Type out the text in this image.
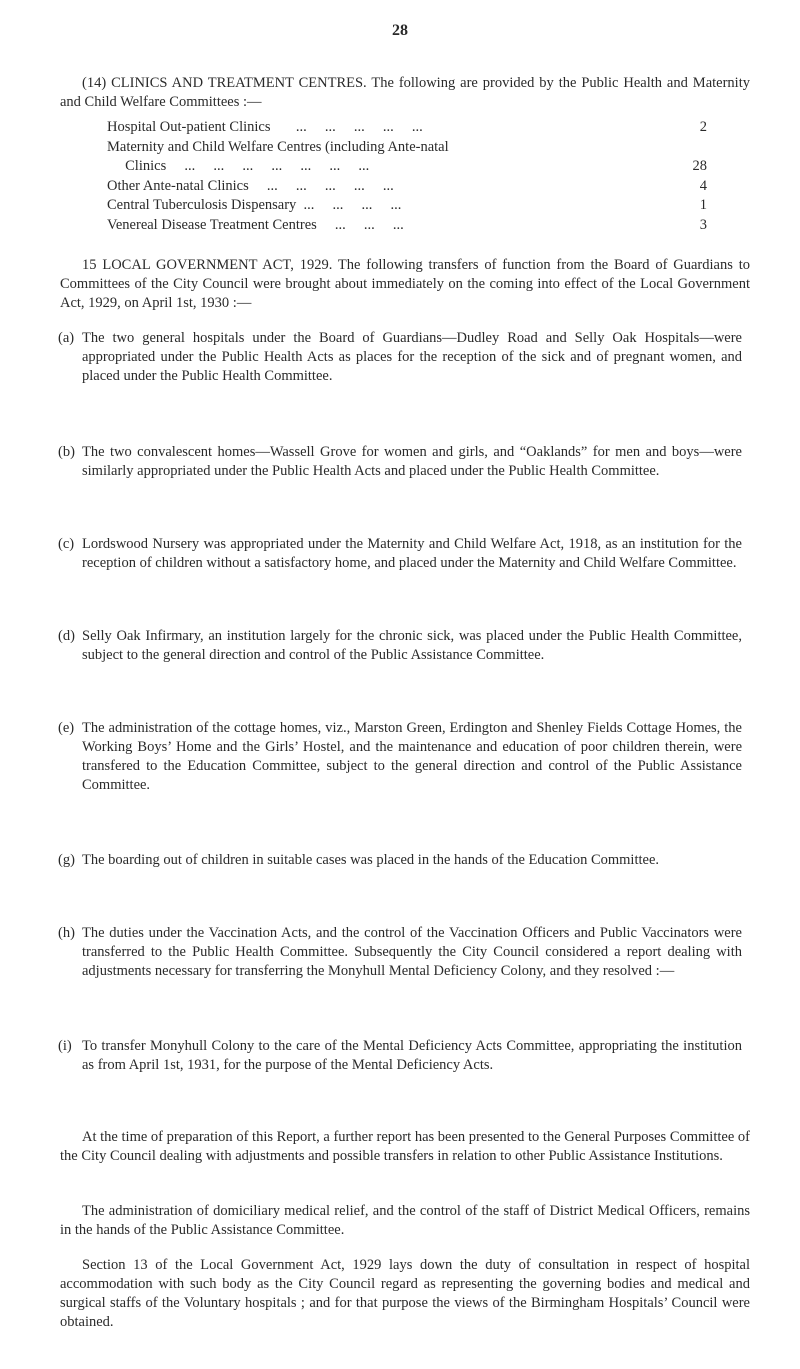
28

(14) CLINICS AND TREATMENT CENTRES. The following are provided by the Public Health and Maternity and Child Welfare Committees :—

Hospital Out-patient Clinics       ...     ...     ...     ...     ...	2
Maternity and Child Welfare Centres (including Ante-natal
Clinics     ...     ...     ...     ...     ...     ...     ...	28
Other Ante-natal Clinics     ...     ...     ...     ...     ...	4
Central Tuberculosis Dispensary  ...     ...     ...     ...	1
Venereal Disease Treatment Centres     ...     ...     ...	3

15 LOCAL GOVERNMENT ACT, 1929. The following transfers of function from the Board of Guardians to Committees of the City Council were brought about immediately on the coming into effect of the Local Government Act, 1929, on April 1st, 1930 :—

(a) The two general hospitals under the Board of Guardians—Dudley Road and Selly Oak Hospitals—were appropriated under the Public Health Acts as places for the reception of the sick and of pregnant women, and placed under the Public Health Committee.
(b) The two convalescent homes—Wassell Grove for women and girls, and “Oaklands” for men and boys—were similarly appropriated under the Public Health Acts and placed under the Public Health Committee.
(c) Lordswood Nursery was appropriated under the Maternity and Child Welfare Act, 1918, as an institution for the reception of children without a satisfactory home, and placed under the Maternity and Child Welfare Committee.
(d) Selly Oak Infirmary, an institution largely for the chronic sick, was placed under the Public Health Committee, subject to the general direction and control of the Public Assistance Committee.
(e) The administration of the cottage homes, viz., Marston Green, Erdington and Shenley Fields Cottage Homes, the Working Boys’ Home and the Girls’ Hostel, and the maintenance and education of poor children therein, were transfered to the Education Committee, subject to the general direction and control of the Public Assistance Committee.
(g) The boarding out of children in suitable cases was placed in the hands of the Education Committee.
(h) The duties under the Vaccination Acts, and the control of the Vaccination Officers and Public Vaccinators were transferred to the Public Health Committee. Subsequently the City Council considered a report dealing with adjustments necessary for transferring the Monyhull Mental Deficiency Colony, and they resolved :—
(i) To transfer Monyhull Colony to the care of the Mental Deficiency Acts Committee, appropriating the institution as from April 1st, 1931, for the purpose of the Mental Deficiency Acts.

At the time of preparation of this Report, a further report has been presented to the General Purposes Committee of the City Council dealing with adjustments and possible transfers in relation to other Public Assistance Institutions.

The administration of domiciliary medical relief, and the control of the staff of District Medical Officers, remains in the hands of the Public Assistance Committee.

Section 13 of the Local Government Act, 1929 lays down the duty of consultation in respect of hospital accommodation with such body as the City Council regard as representing the governing bodies and medical and surgical staffs of the Voluntary hospitals ; and for that purpose the views of the Birmingham Hospitals’ Council were obtained.
